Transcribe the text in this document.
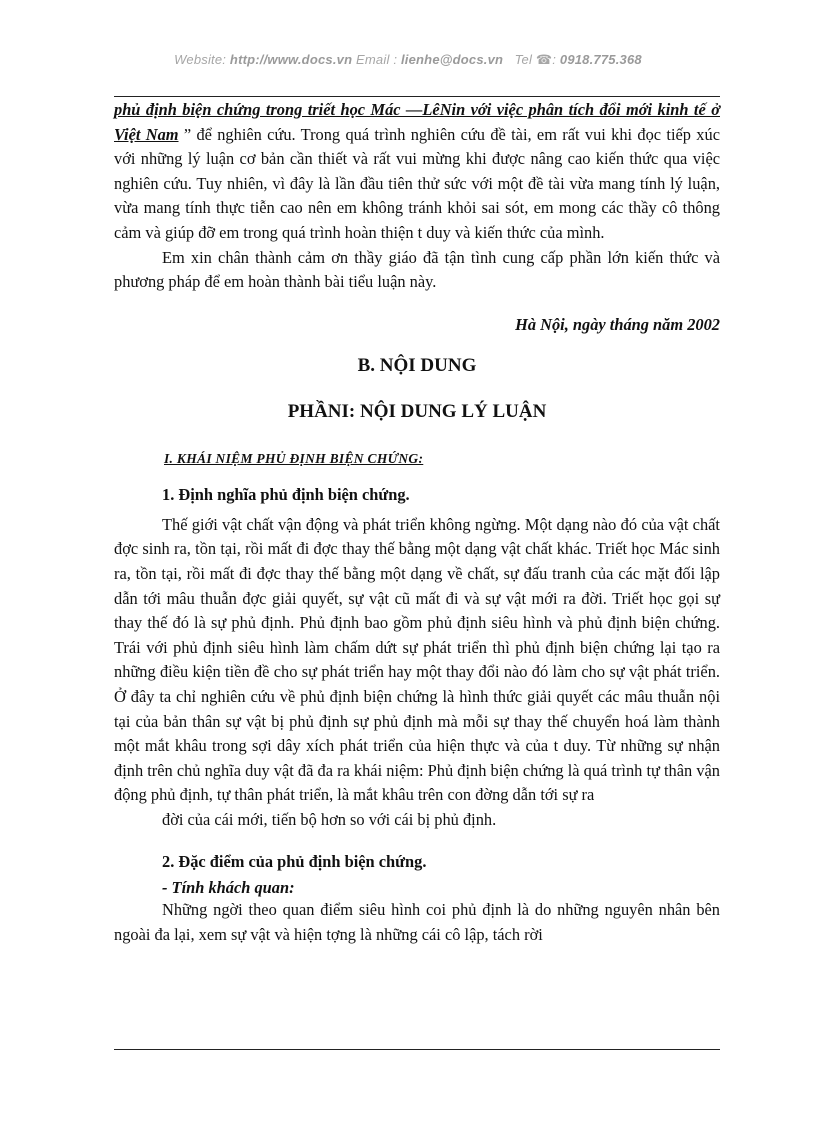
Website: http://www.docs.vn Email : lienhe@docs.vn Tel ☎: 0918.775.368

phủ định biện chứng trong triết học Mác —LêNin với việc phân tích đổi mới kinh tế ở Việt Nam ” để nghiên cứu. Trong quá trình nghiên cứu đề tài, em rất vui khi đọc tiếp xúc với những lý luận cơ bản cần thiết và rất vui mừng khi được nâng cao kiến thức qua việc nghiên cứu. Tuy nhiên, vì đây là lần đầu tiên thử sức với một đề tài vừa mang tính lý luận, vừa mang tính thực tiễn cao nên em không tránh khỏi sai sót, em mong các thầy cô thông cảm và giúp đỡ em trong quá trình hoàn thiện t duy và kiến thức của mình.

Em xin chân thành cảm ơn thầy giáo đã tận tình cung cấp phần lớn kiến thức và phương pháp để em hoàn thành bài tiểu luận này.

Hà Nội, ngày tháng năm 2002

B. NỘI DUNG

PHẦNI: NỘI DUNG LÝ LUẬN

I. KHÁI NIỆM PHỦ ĐỊNH BIỆN CHỨNG:

1. Định nghĩa phủ định biện chứng.

Thế giới vật chất vận động và phát triển không ngừng. Một dạng nào đó của vật chất đợc sinh ra, tồn tại, rồi mất đi đợc thay thế bằng một dạng vật chất khác. Triết học Mác sinh ra, tồn tại, rồi mất đi đợc thay thế bằng một dạng về chất, sự đấu tranh của các mặt đối lập dẫn tới mâu thuẫn đợc giải quyết, sự vật cũ mất đi và sự vật mới ra đời. Triết học gọi sự thay thế đó là sự phủ định. Phủ định bao gồm phủ định siêu hình và phủ định biện chứng. Trái với phủ định siêu hình làm chấm dứt sự phát triển thì phủ định biện chứng lại tạo ra những điều kiện tiền đề cho sự phát triển hay một thay đổi nào đó làm cho sự vật phát triển. Ở đây ta chỉ nghiên cứu về phủ định biện chứng là hình thức giải quyết các mâu thuẫn nội tại của bản thân sự vật bị phủ định sự phủ định mà mỗi sự thay thế chuyển hoá làm thành một mắt khâu trong sợi dây xích phát triển của hiện thực và của t duy. Từ những sự nhận định trên chủ nghĩa duy vật đã đa ra khái niệm: Phủ định biện chứng là quá trình tự thân vận động phủ định, tự thân phát triển, là mắt khâu trên con đờng dẫn tới sự ra

đời của cái mới, tiến bộ hơn so với cái bị phủ định.

2. Đặc điểm của phủ định biện chứng.

- Tính khách quan:

Những ngời theo quan điểm siêu hình coi phủ định là do những nguyên nhân bên ngoài đa lại, xem sự vật và hiện tợng là những cái cô lập, tách rời
